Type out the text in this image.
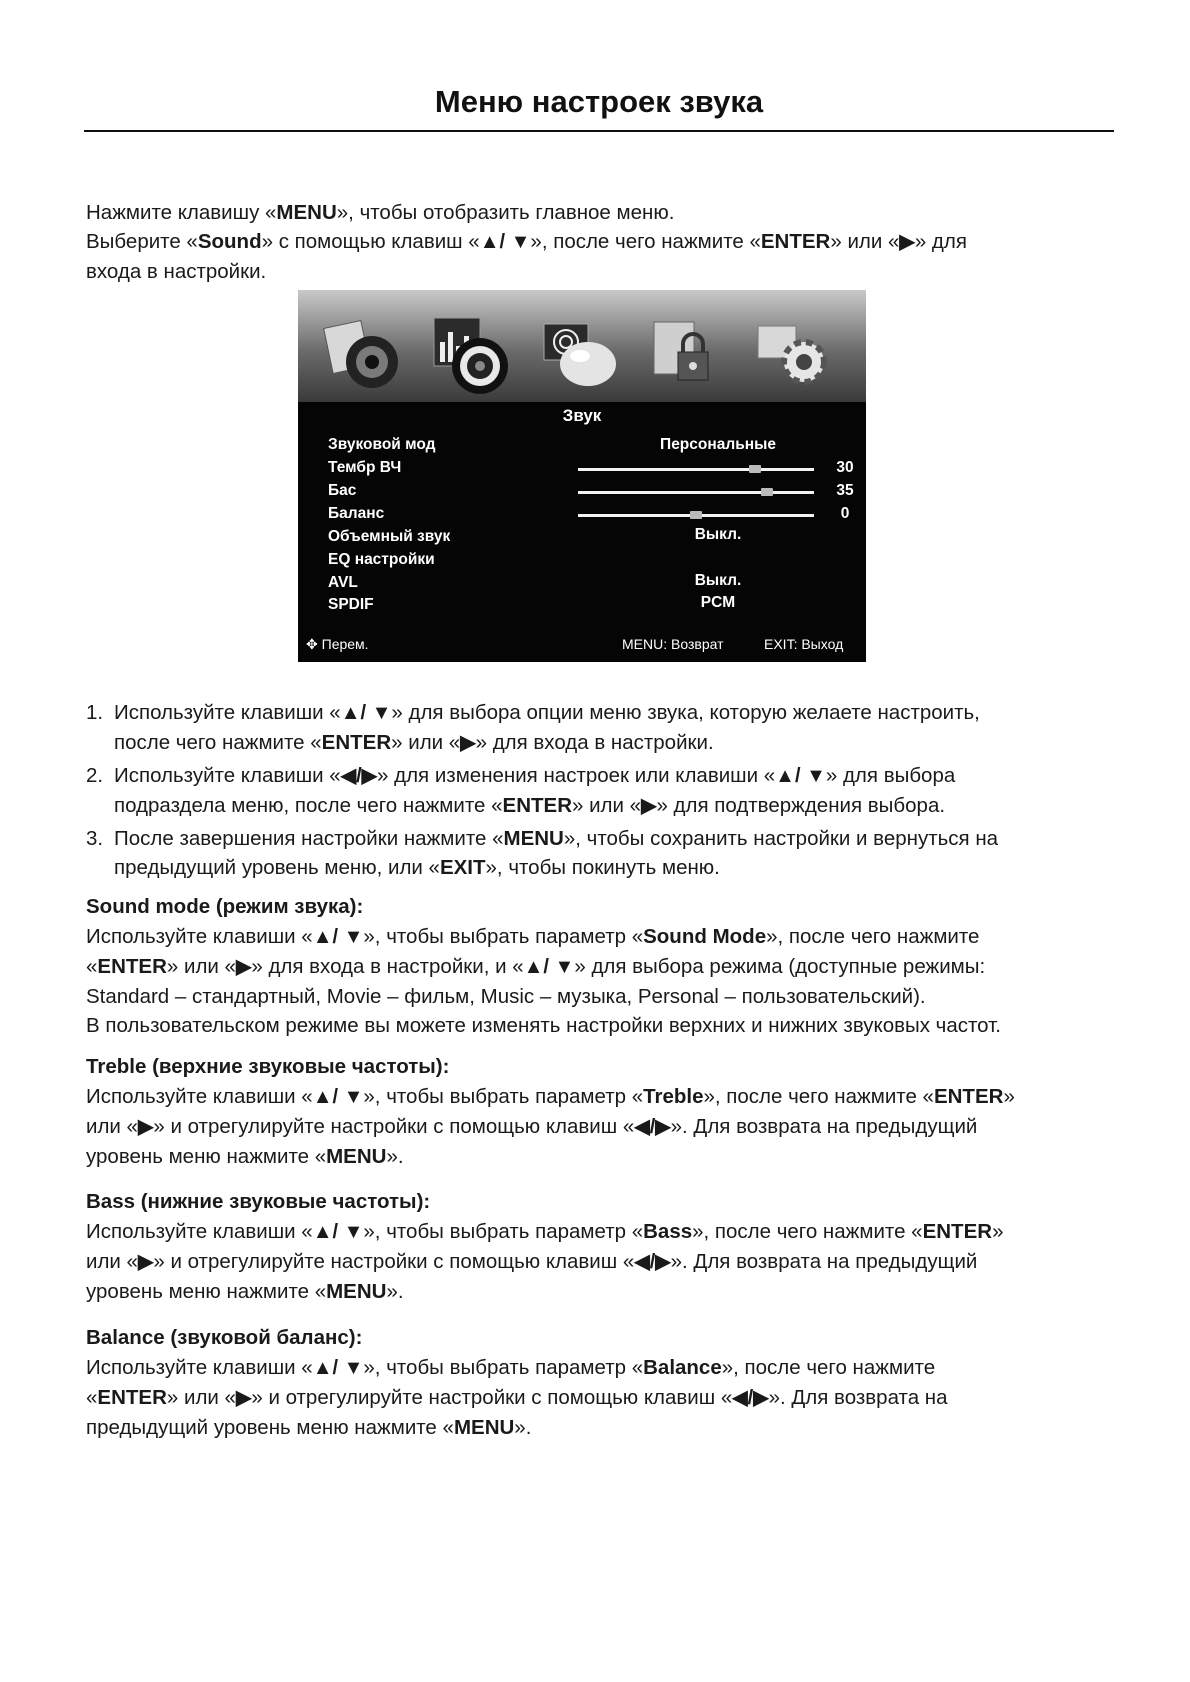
Меню настроек звука

Нажмите клавишу «MENU», чтобы отобразить главное меню.
Выберите «Sound» с помощью клавиш «▲/ ▼», после чего нажмите «ENTER» или «▶» для
входа в настройки.

Звук
Звуковой мод	Персональные
Тембр ВЧ	30
Бас	35
Баланс	0
Объемный звук	Выкл.
EQ настройки
AVL	Выкл.
SPDIF	PCM
✥ Перем.	MENU: Возврат	EXIT: Выход
1. Используйте клавиши «▲/ ▼» для выбора опции меню звука, которую желаете настроить,
после чего нажмите «ENTER» или «▶» для входа в настройки.
2. Используйте клавиши «◀/▶» для изменения настроек или клавиши «▲/ ▼» для выбора
подраздела меню, после чего нажмите «ENTER» или «▶» для подтверждения выбора.
3. После завершения настройки нажмите «MENU», чтобы сохранить настройки и вернуться на
предыдущий уровень меню, или «EXIT», чтобы покинуть меню.
Sound mode (режим звука):

Используйте клавиши «▲/ ▼», чтобы выбрать параметр «Sound Mode», после чего нажмите
«ENTER» или «▶» для входа в настройки, и «▲/ ▼» для выбора режима (доступные режимы:
Standard – стандартный, Movie – фильм, Music – музыка, Personal – пользовательский).
В пользовательском режиме вы можете изменять настройки верхних и нижних звуковых частот.

Treble (верхние звуковые частоты):

Используйте клавиши «▲/ ▼», чтобы выбрать параметр «Treble», после чего нажмите «ENTER»
или «▶» и отрегулируйте настройки с помощью клавиш «◀/▶». Для возврата на предыдущий
уровень меню нажмите «MENU».

Bass (нижние звуковые частоты):

Используйте клавиши «▲/ ▼», чтобы выбрать параметр «Bass», после чего нажмите «ENTER»
или «▶» и отрегулируйте настройки с помощью клавиш «◀/▶». Для возврата на предыдущий
уровень меню нажмите «MENU».

Balance (звуковой баланс):

Используйте клавиши «▲/ ▼», чтобы выбрать параметр «Balance», после чего нажмите
«ENTER» или «▶» и отрегулируйте настройки с помощью клавиш «◀/▶». Для возврата на
предыдущий уровень меню нажмите «MENU».
